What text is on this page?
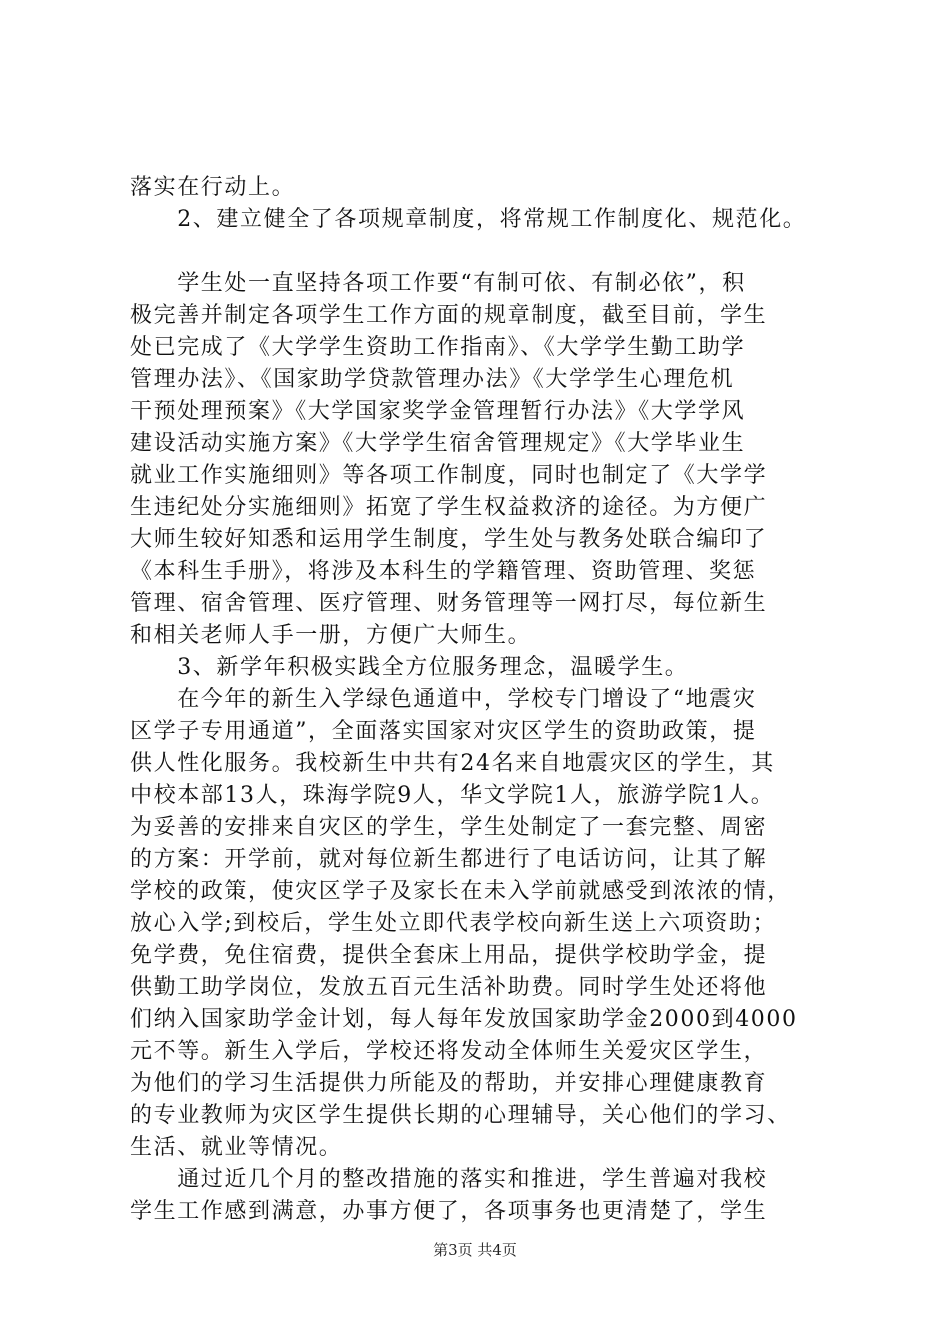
落实在行动上。
　　2、建立健全了各项规章制度，将常规工作制度化、规范化。
　　学生处一直坚持各项工作要“有制可依、有制必依”，积
极完善并制定各项学生工作方面的规章制度，截至目前，学生
处已完成了《大学学生资助工作指南》、《大学学生勤工助学
管理办法》、《国家助学贷款管理办法》《大学学生心理危机
干预处理预案》《大学国家奖学金管理暂行办法》《大学学风
建设活动实施方案》《大学学生宿舍管理规定》《大学毕业生
就业工作实施细则》等各项工作制度，同时也制定了《大学学
生违纪处分实施细则》拓宽了学生权益救济的途径。为方便广
大师生较好知悉和运用学生制度，学生处与教务处联合编印了
《本科生手册》，将涉及本科生的学籍管理、资助管理、奖惩
管理、宿舍管理、医疗管理、财务管理等一网打尽，每位新生
和相关老师人手一册，方便广大师生。
　　3、新学年积极实践全方位服务理念，温暖学生。
　　在今年的新生入学绿色通道中，学校专门增设了“地震灾
区学子专用通道”，全面落实国家对灾区学生的资助政策，提
供人性化服务。我校新生中共有24名来自地震灾区的学生，其
中校本部13人，珠海学院9人，华文学院1人，旅游学院1人。
为妥善的安排来自灾区的学生，学生处制定了一套完整、周密
的方案：开学前，就对每位新生都进行了电话访问，让其了解
学校的政策，使灾区学子及家长在未入学前就感受到浓浓的情，
放心入学;到校后，学生处立即代表学校向新生送上六项资助；
免学费，免住宿费，提供全套床上用品，提供学校助学金，提
供勤工助学岗位，发放五百元生活补助费。同时学生处还将他
们纳入国家助学金计划，每人每年发放国家助学金2000到4000
元不等。新生入学后，学校还将发动全体师生关爱灾区学生，
为他们的学习生活提供力所能及的帮助，并安排心理健康教育
的专业教师为灾区学生提供长期的心理辅导，关心他们的学习、
生活、就业等情况。
　　通过近几个月的整改措施的落实和推进，学生普遍对我校
学生工作感到满意，办事方便了，各项事务也更清楚了，学生
第3页 共4页
